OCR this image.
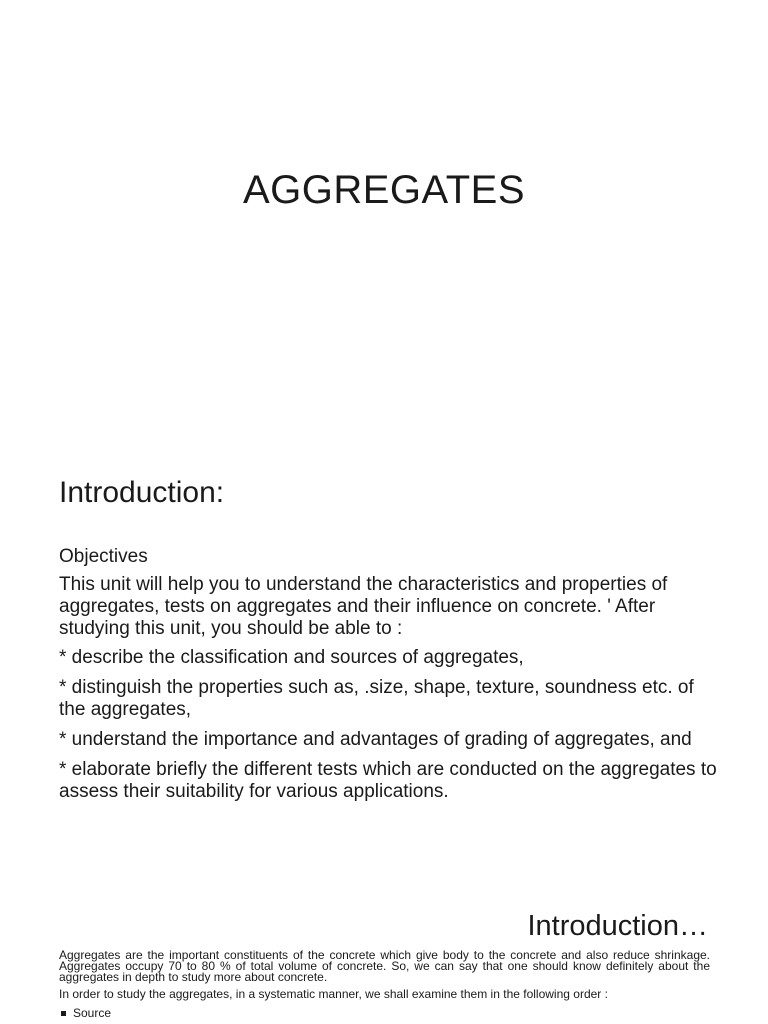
AGGREGATES
Introduction:

Objectives

This unit will help you to understand the characteristics and properties of aggregates, tests on aggregates and their influence on concrete. ' After studying this unit, you should be able to :

* describe the classification and sources of aggregates,

* distinguish the properties such as, .size, shape, texture, soundness etc. of the aggregates,

* understand the importance and advantages of grading of aggregates, and

* elaborate briefly the different tests which are conducted on the aggregates to assess their suitability for various applications.

Introduction…

Aggregates are the important constituents of the concrete which give body to the concrete and also reduce shrinkage. Aggregates occupy 70 to 80 % of total volume of concrete. So, we can say that one should know definitely about the aggregates in depth to study more about concrete.

In order to study the aggregates, in a systematic manner, we shall examine them in the following order :

Source
